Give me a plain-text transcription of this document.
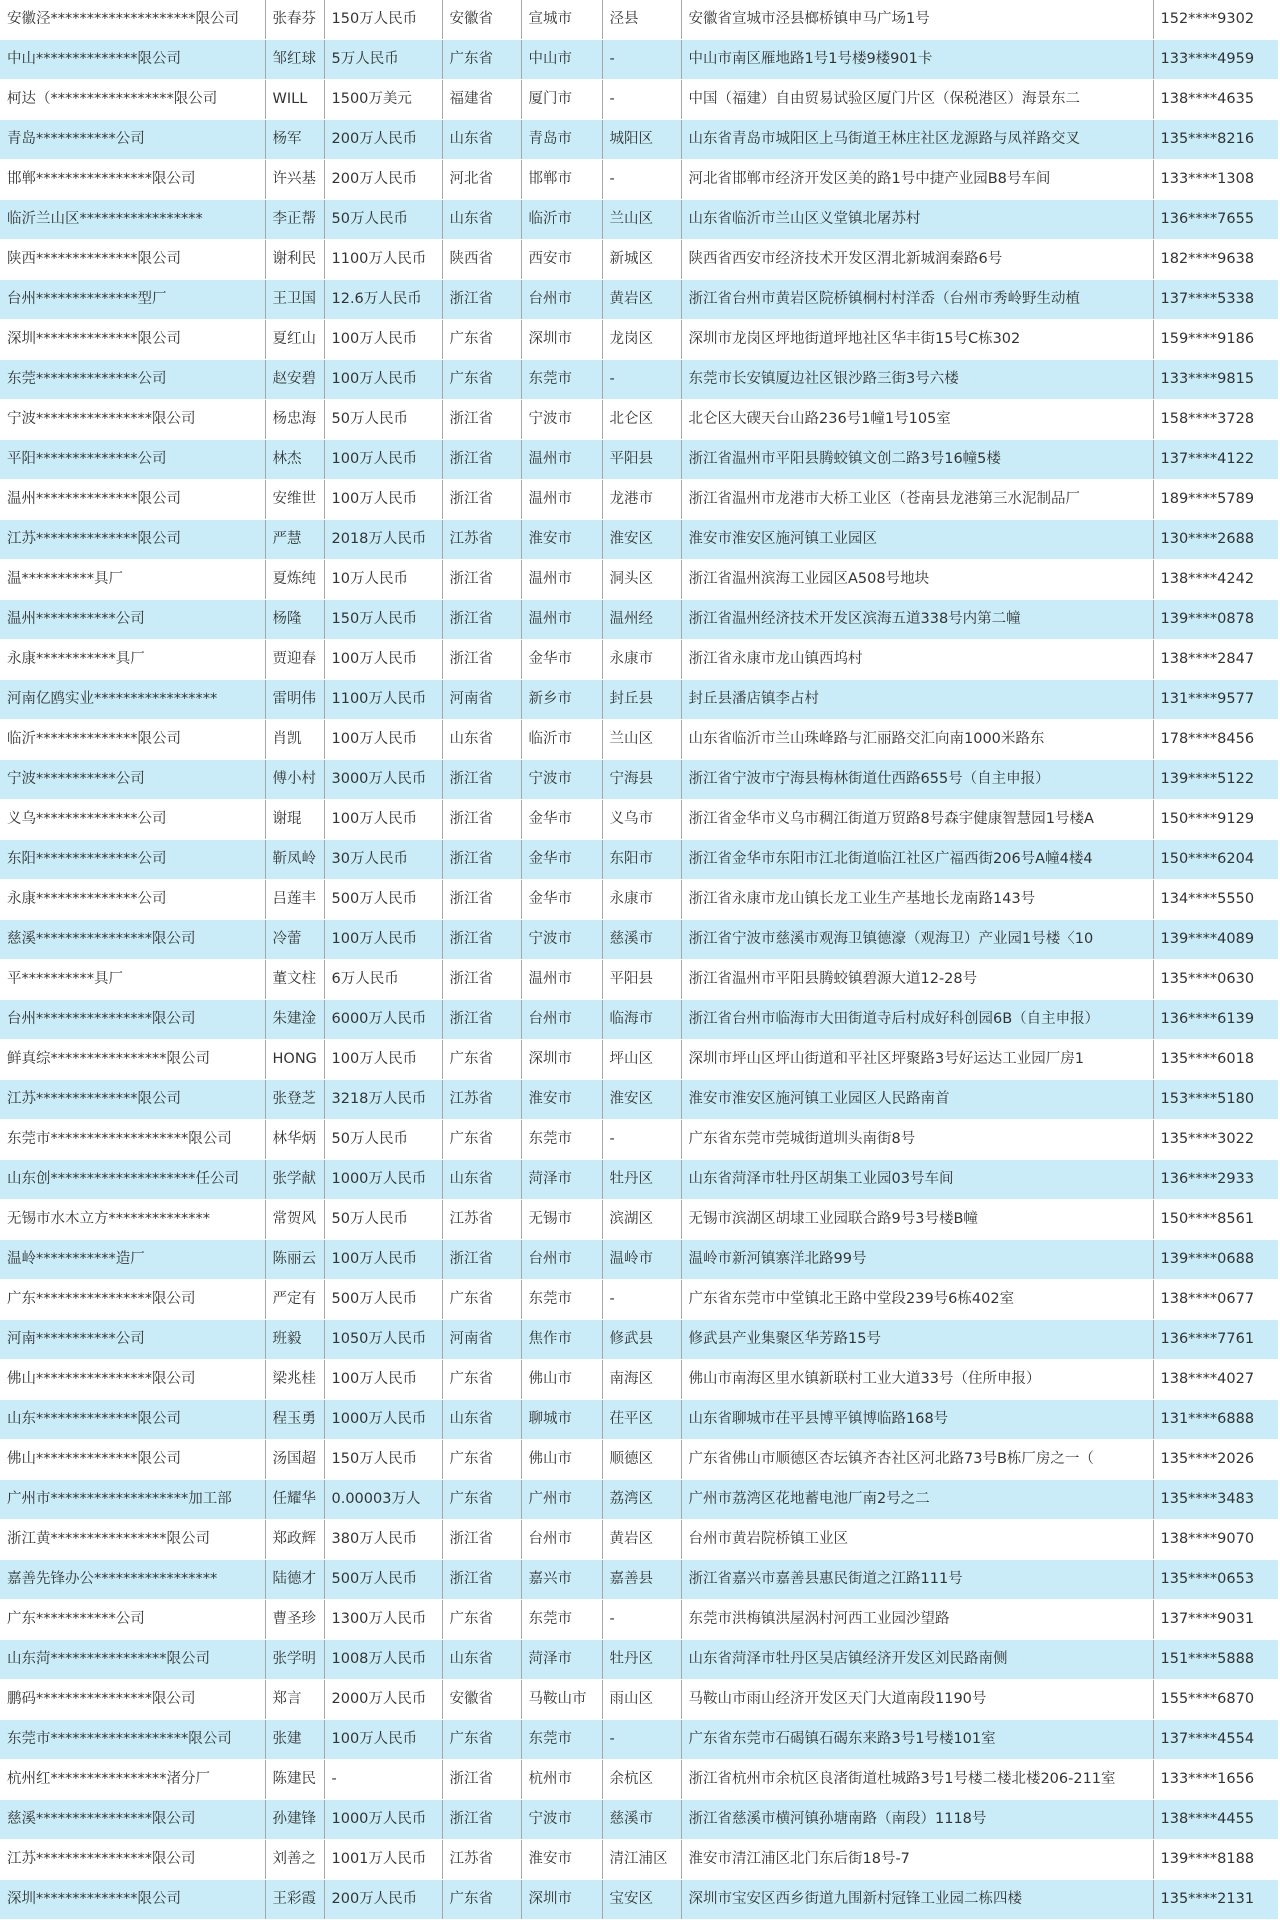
安徽泾********************限公司	张春芬	150万人民币	安徽省	宣城市	泾县	安徽省宣城市泾县榔桥镇申马广场1号	152****9302
中山**************限公司	邹红球	5万人民币	广东省	中山市	-	中山市南区雁地路1号1号楼9楼901卡	133****4959
柯达（*****************限公司	WILL	1500万美元	福建省	厦门市	-	中国（福建）自由贸易试验区厦门片区（保税港区）海景东二	138****4635
青岛***********公司	杨军	200万人民币	山东省	青岛市	城阳区	山东省青岛市城阳区上马街道王林庄社区龙源路与凤祥路交叉	135****8216
邯郸****************限公司	许兴基	200万人民币	河北省	邯郸市	-	河北省邯郸市经济开发区美的路1号中捷产业园B8号车间	133****1308
临沂兰山区*****************	李正帮	50万人民币	山东省	临沂市	兰山区	山东省临沂市兰山区义堂镇北屠苏村	136****7655
陕西**************限公司	谢利民	1100万人民币	陕西省	西安市	新城区	陕西省西安市经济技术开发区渭北新城润秦路6号	182****9638
台州**************型厂	王卫国	12.6万人民币	浙江省	台州市	黄岩区	浙江省台州市黄岩区院桥镇桐村村洋岙（台州市秀岭野生动植	137****5338
深圳**************限公司	夏红山	100万人民币	广东省	深圳市	龙岗区	深圳市龙岗区坪地街道坪地社区华丰街15号C栋302	159****9186
东莞**************公司	赵安碧	100万人民币	广东省	东莞市	-	东莞市长安镇厦边社区银沙路三街3号六楼	133****9815
宁波****************限公司	杨忠海	50万人民币	浙江省	宁波市	北仑区	北仑区大碶天台山路236号1幢1号105室	158****3728
平阳**************公司	林杰	100万人民币	浙江省	温州市	平阳县	浙江省温州市平阳县腾蛟镇文创二路3号16幢5楼	137****4122
温州**************限公司	安维世	100万人民币	浙江省	温州市	龙港市	浙江省温州市龙港市大桥工业区（苍南县龙港第三水泥制品厂	189****5789
江苏**************限公司	严慧	2018万人民币	江苏省	淮安市	淮安区	淮安市淮安区施河镇工业园区	130****2688
温**********具厂	夏炼纯	10万人民币	浙江省	温州市	洞头区	浙江省温州滨海工业园区A508号地块	138****4242
温州***********公司	杨隆	150万人民币	浙江省	温州市	温州经	浙江省温州经济技术开发区滨海五道338号内第二幢	139****0878
永康***********具厂	贾迎春	100万人民币	浙江省	金华市	永康市	浙江省永康市龙山镇西坞村	138****2847
河南亿鸥实业*****************	雷明伟	1100万人民币	河南省	新乡市	封丘县	封丘县潘店镇李占村	131****9577
临沂**************限公司	肖凯	100万人民币	山东省	临沂市	兰山区	山东省临沂市兰山珠峰路与汇丽路交汇向南1000米路东	178****8456
宁波***********公司	傅小村	3000万人民币	浙江省	宁波市	宁海县	浙江省宁波市宁海县梅林街道仕西路655号（自主申报）	139****5122
义乌**************公司	谢琨	100万人民币	浙江省	金华市	义乌市	浙江省金华市义乌市稠江街道万贸路8号森宇健康智慧园1号楼A	150****9129
东阳**************公司	靳凤岭	30万人民币	浙江省	金华市	东阳市	浙江省金华市东阳市江北街道临江社区广福西街206号A幢4楼4	150****6204
永康**************公司	吕莲丰	500万人民币	浙江省	金华市	永康市	浙江省永康市龙山镇长龙工业生产基地长龙南路143号	134****5550
慈溪****************限公司	冷蕾	100万人民币	浙江省	宁波市	慈溪市	浙江省宁波市慈溪市观海卫镇德濠（观海卫）产业园1号楼〈10	139****4089
平**********具厂	董文柱	6万人民币	浙江省	温州市	平阳县	浙江省温州市平阳县腾蛟镇碧源大道12-28号	135****0630
台州****************限公司	朱建淦	6000万人民币	浙江省	台州市	临海市	浙江省台州市临海市大田街道寺后村成好科创园6B（自主申报）	136****6139
鲜真综****************限公司	HONG	100万人民币	广东省	深圳市	坪山区	深圳市坪山区坪山街道和平社区坪聚路3号好运达工业园厂房1	135****6018
江苏**************限公司	张登芝	3218万人民币	江苏省	淮安市	淮安区	淮安市淮安区施河镇工业园区人民路南首	153****5180
东莞市*******************限公司	林华炳	50万人民币	广东省	东莞市	-	广东省东莞市莞城街道圳头南街8号	135****3022
山东创********************任公司	张学献	1000万人民币	山东省	菏泽市	牡丹区	山东省菏泽市牡丹区胡集工业园03号车间	136****2933
无锡市水木立方**************	常贺风	50万人民币	江苏省	无锡市	滨湖区	无锡市滨湖区胡埭工业园联合路9号3号楼B幢	150****8561
温岭***********造厂	陈丽云	100万人民币	浙江省	台州市	温岭市	温岭市新河镇寨洋北路99号	139****0688
广东****************限公司	严定有	500万人民币	广东省	东莞市	-	广东省东莞市中堂镇北王路中堂段239号6栋402室	138****0677
河南***********公司	班毅	1050万人民币	河南省	焦作市	修武县	修武县产业集聚区华芳路15号	136****7761
佛山****************限公司	梁兆桂	100万人民币	广东省	佛山市	南海区	佛山市南海区里水镇新联村工业大道33号（住所申报）	138****4027
山东**************限公司	程玉勇	1000万人民币	山东省	聊城市	茌平区	山东省聊城市茌平县博平镇博临路168号	131****6888
佛山**************限公司	汤国超	150万人民币	广东省	佛山市	顺德区	广东省佛山市顺德区杏坛镇齐杏社区河北路73号B栋厂房之一（	135****2026
广州市*******************加工部	任耀华	0.00003万人	广东省	广州市	荔湾区	广州市荔湾区花地蓄电池厂南2号之二	135****3483
浙江黄****************限公司	郑政辉	380万人民币	浙江省	台州市	黄岩区	台州市黄岩院桥镇工业区	138****9070
嘉善先锋办公*****************	陆德才	500万人民币	浙江省	嘉兴市	嘉善县	浙江省嘉兴市嘉善县惠民街道之江路111号	135****0653
广东***********公司	曹圣珍	1300万人民币	广东省	东莞市	-	东莞市洪梅镇洪屋涡村河西工业园沙望路	137****9031
山东菏****************限公司	张学明	1008万人民币	山东省	菏泽市	牡丹区	山东省菏泽市牡丹区吴店镇经济开发区刘民路南侧	151****5888
鹏码****************限公司	郑言	2000万人民币	安徽省	马鞍山市	雨山区	马鞍山市雨山经济开发区天门大道南段1190号	155****6870
东莞市*******************限公司	张建	100万人民币	广东省	东莞市	-	广东省东莞市石碣镇石碣东来路3号1号楼101室	137****4554
杭州红****************渚分厂	陈建民	-	浙江省	杭州市	余杭区	浙江省杭州市余杭区良渚街道杜城路3号1号楼二楼北楼206-211室	133****1656
慈溪****************限公司	孙建锋	1000万人民币	浙江省	宁波市	慈溪市	浙江省慈溪市横河镇孙塘南路（南段）1118号	138****4455
江苏****************限公司	刘善之	1001万人民币	江苏省	淮安市	清江浦区	淮安市清江浦区北门东后街18号-7	139****8188
深圳**************限公司	王彩霞	200万人民币	广东省	深圳市	宝安区	深圳市宝安区西乡街道九围新村冠锋工业园二栋四楼	135****2131
